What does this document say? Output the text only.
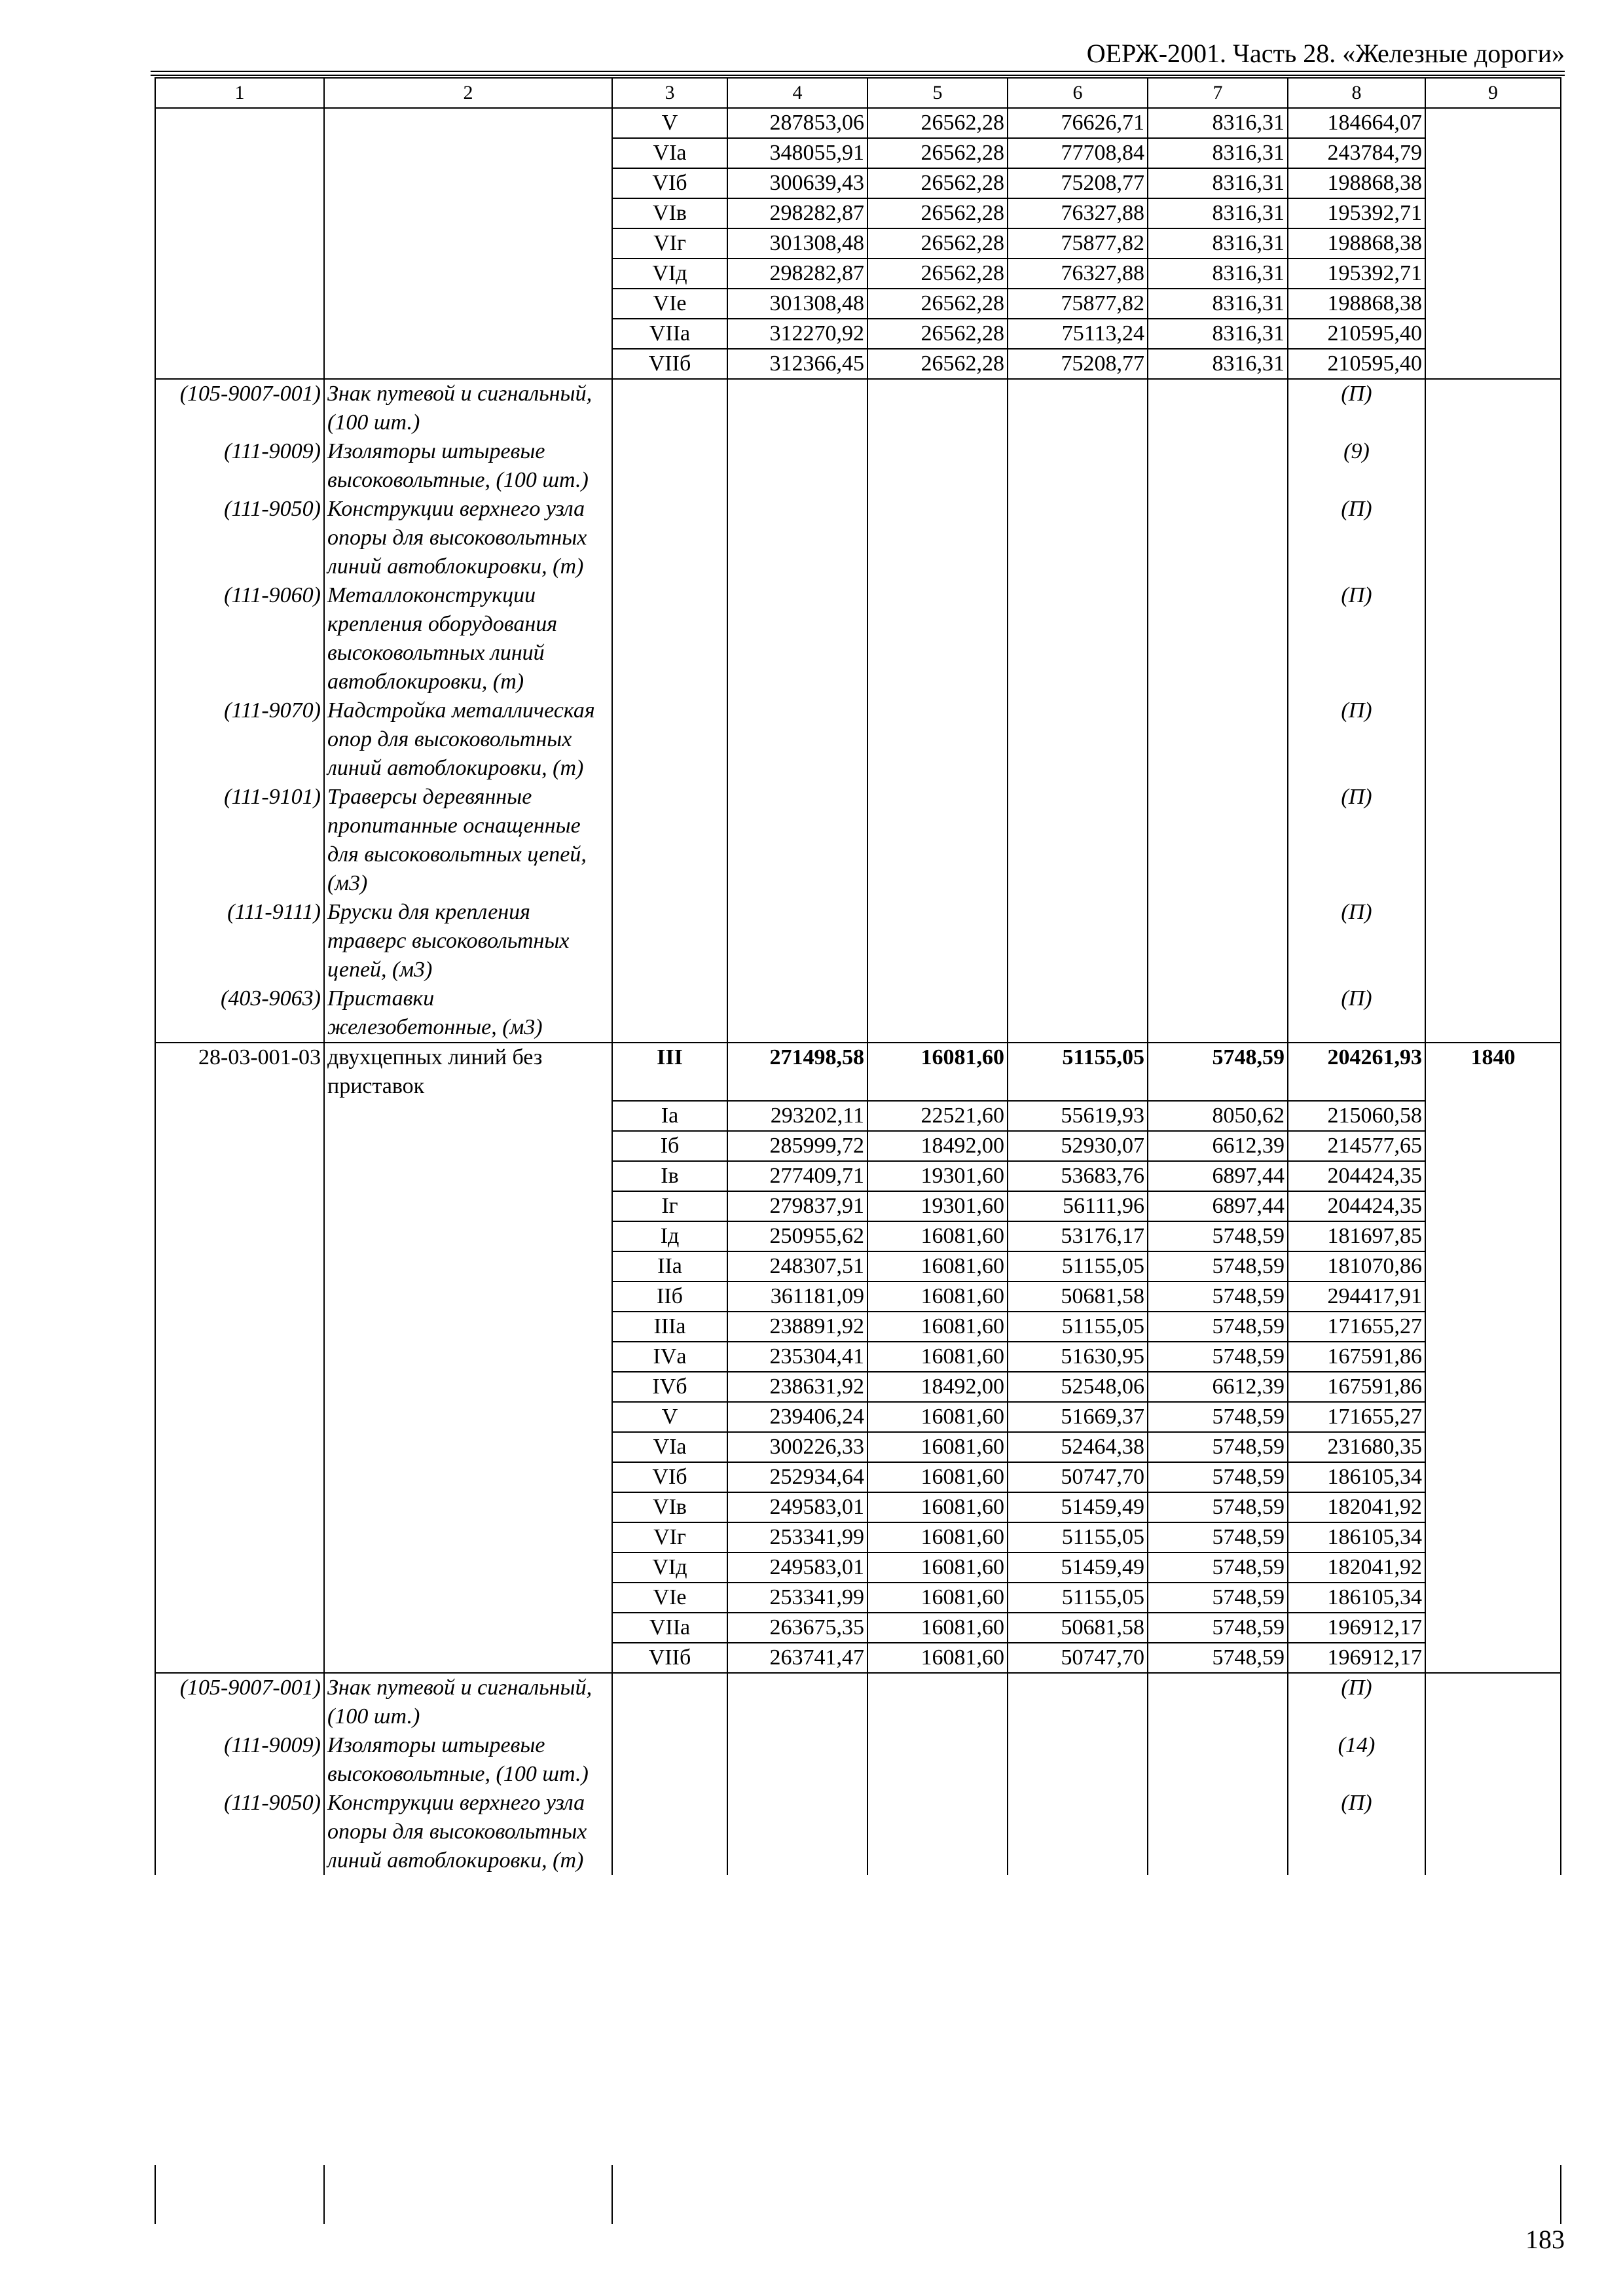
ОЕРЖ-2001. Часть 28. «Железные дороги»
1	2	3	4	5	6	7	8	9
		V	287853,06	26562,28	76626,71	8316,31	184664,07	
		VIа	348055,91	26562,28	77708,84	8316,31	243784,79	
		VIб	300639,43	26562,28	75208,77	8316,31	198868,38	
		VIв	298282,87	26562,28	76327,88	8316,31	195392,71	
		VIг	301308,48	26562,28	75877,82	8316,31	198868,38	
		VIд	298282,87	26562,28	76327,88	8316,31	195392,71	
		VIе	301308,48	26562,28	75877,82	8316,31	198868,38	
		VIIа	312270,92	26562,28	75113,24	8316,31	210595,40	
		VIIб	312366,45	26562,28	75208,77	8316,31	210595,40	
(105-9007-001)	Знак путевой и сигнальный, (100 шт.)						(П)	
(111-9009)	Изоляторы штыревые высоковольтные, (100 шт.)						(9)	
(111-9050)	Конструкции верхнего узла опоры для высоковольтных линий автоблокировки, (т)						(П)	
(111-9060)	Металлоконструкции крепления оборудования высоковольтных линий автоблокировки, (т)						(П)	
(111-9070)	Надстройка металлическая опор для высоковольтных линий автоблокировки, (т)						(П)	
(111-9101)	Траверсы деревянные пропитанные оснащенные для высоковольтных цепей, (м3)						(П)	
(111-9111)	Бруски для крепления траверс высоковольтных цепей, (м3)						(П)	
(403-9063)	Приставки железобетонные, (м3)						(П)	
28-03-001-03	двухцепных линий без приставок	III	271498,58	16081,60	51155,05	5748,59	204261,93	1840
		Iа	293202,11	22521,60	55619,93	8050,62	215060,58	
		Iб	285999,72	18492,00	52930,07	6612,39	214577,65	
		Iв	277409,71	19301,60	53683,76	6897,44	204424,35	
		Iг	279837,91	19301,60	56111,96	6897,44	204424,35	
		Iд	250955,62	16081,60	53176,17	5748,59	181697,85	
		IIа	248307,51	16081,60	51155,05	5748,59	181070,86	
		IIб	361181,09	16081,60	50681,58	5748,59	294417,91	
		IIIа	238891,92	16081,60	51155,05	5748,59	171655,27	
		IVа	235304,41	16081,60	51630,95	5748,59	167591,86	
		IVб	238631,92	18492,00	52548,06	6612,39	167591,86	
		V	239406,24	16081,60	51669,37	5748,59	171655,27	
		VIа	300226,33	16081,60	52464,38	5748,59	231680,35	
		VIб	252934,64	16081,60	50747,70	5748,59	186105,34	
		VIв	249583,01	16081,60	51459,49	5748,59	182041,92	
		VIг	253341,99	16081,60	51155,05	5748,59	186105,34	
		VIд	249583,01	16081,60	51459,49	5748,59	182041,92	
		VIе	253341,99	16081,60	51155,05	5748,59	186105,34	
		VIIа	263675,35	16081,60	50681,58	5748,59	196912,17	
		VIIб	263741,47	16081,60	50747,70	5748,59	196912,17	
(105-9007-001)	Знак путевой и сигнальный, (100 шт.)						(П)	
(111-9009)	Изоляторы штыревые высоковольтные, (100 шт.)						(14)	
(111-9050)	Конструкции верхнего узла опоры для высоковольтных линий автоблокировки, (т)						(П)	
183
